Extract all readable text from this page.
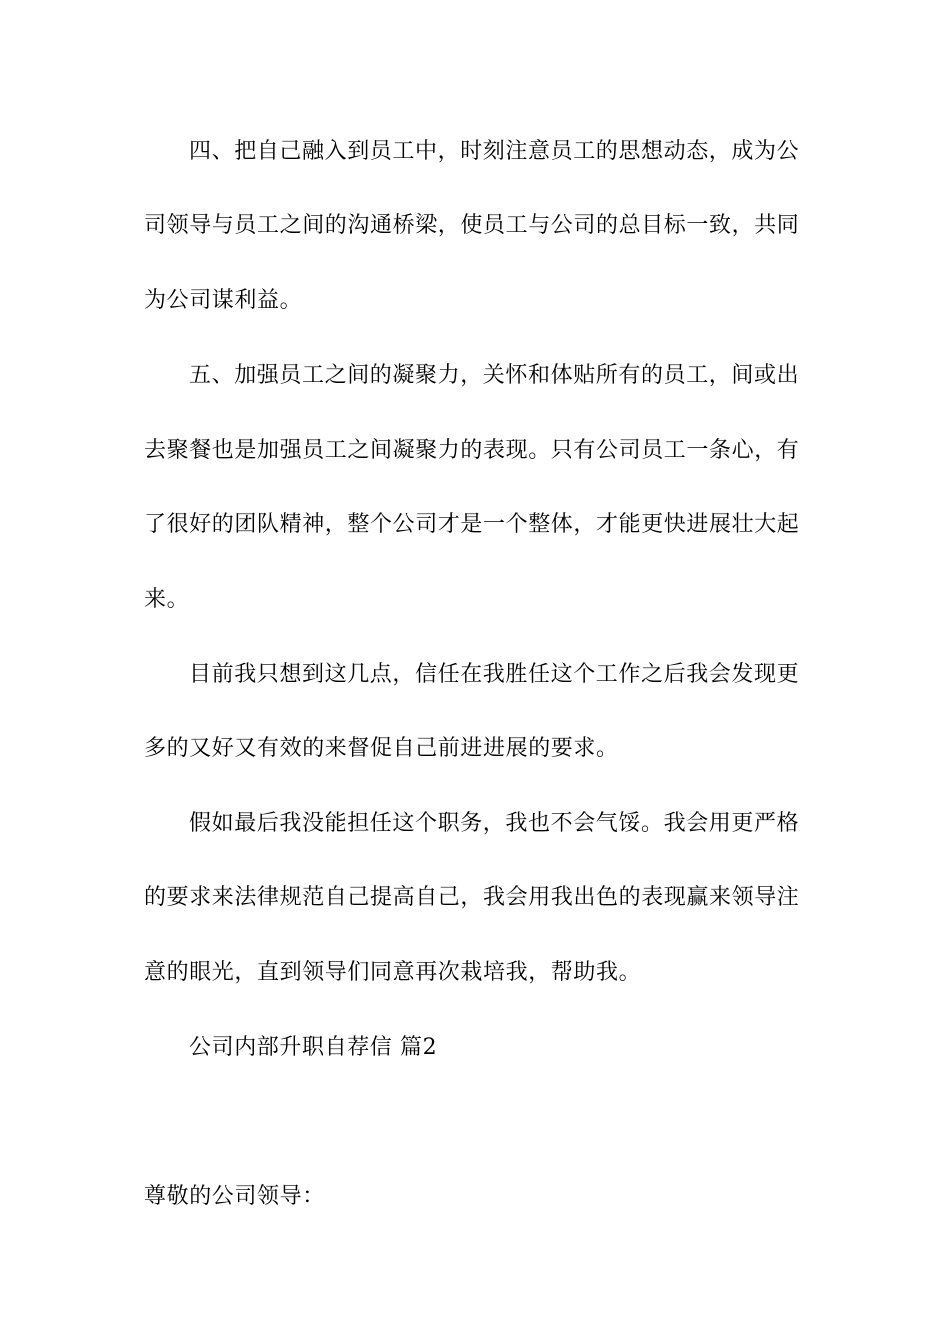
四、把自己融入到员工中，时刻注意员工的思想动态，成为公
司领导与员工之间的沟通桥梁，使员工与公司的总目标一致，共同
为公司谋利益。
五、加强员工之间的凝聚力，关怀和体贴所有的员工，间或出
去聚餐也是加强员工之间凝聚力的表现。只有公司员工一条心，有
了很好的团队精神，整个公司才是一个整体，才能更快进展壮大起
来。
目前我只想到这几点，信任在我胜任这个工作之后我会发现更
多的又好又有效的来督促自己前进进展的要求。
假如最后我没能担任这个职务，我也不会气馁。我会用更严格
的要求来法律规范自己提高自己，我会用我出色的表现赢来领导注
意的眼光，直到领导们同意再次栽培我，帮助我。
公司内部升职自荐信 篇2
尊敬的公司领导：
